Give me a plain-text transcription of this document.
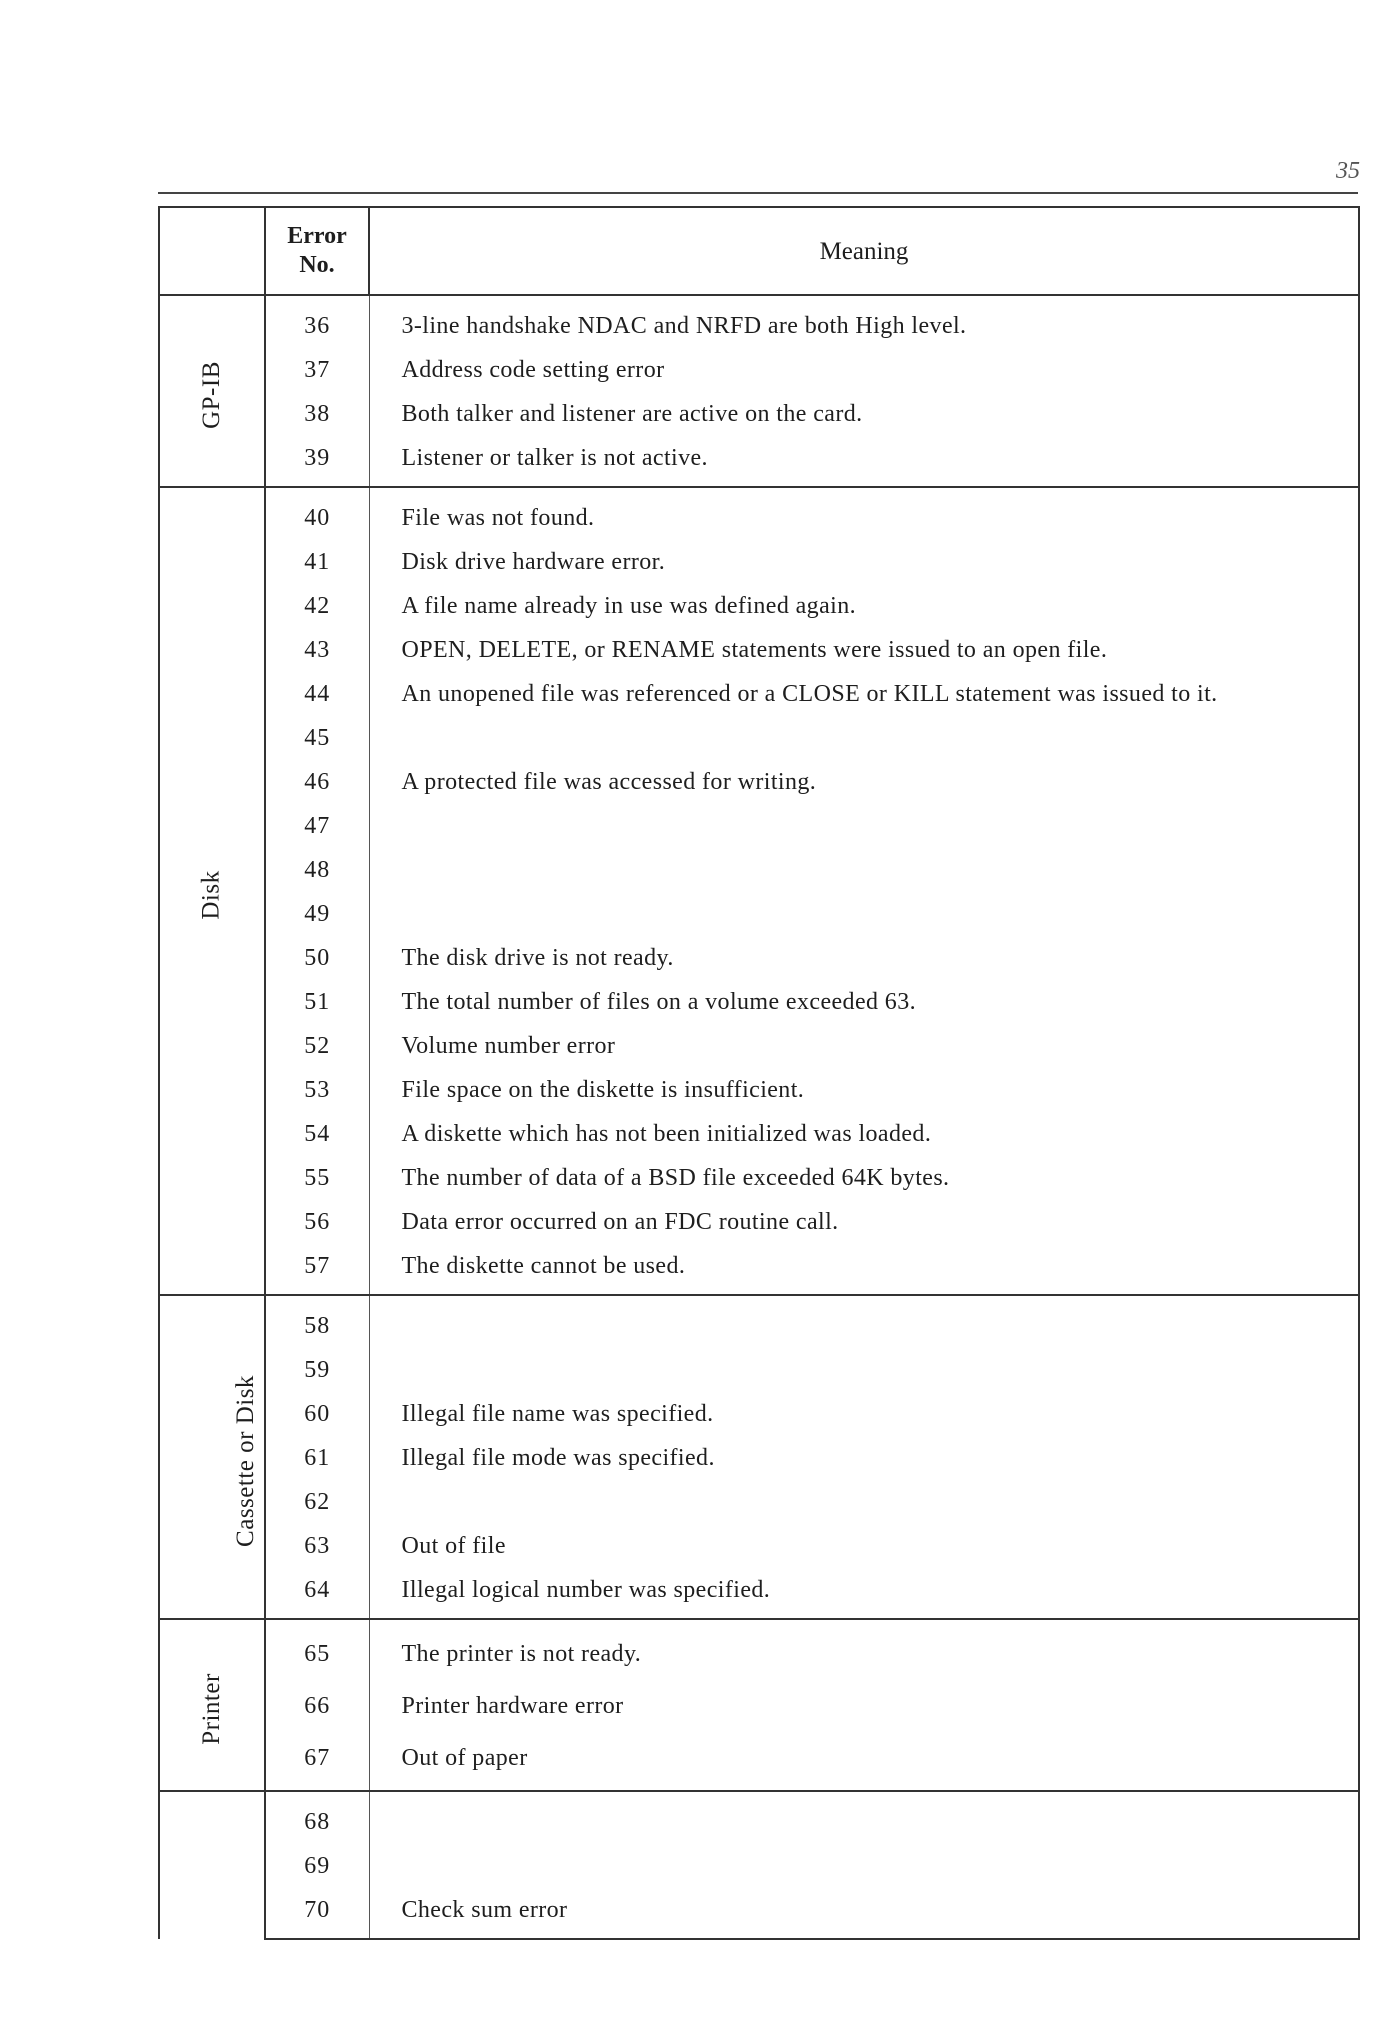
35

	Error No.	Meaning
GP-IB	36	3-line handshake NDAC and NRFD are both High level.
	37	Address code setting error
	38	Both talker and listener are active on the card.
	39	Listener or talker is not active.
Disk	40	File was not found.
	41	Disk drive hardware error.
	42	A file name already in use was defined again.
	43	OPEN, DELETE, or RENAME statements were issued to an open file.
	44	An unopened file was referenced or a CLOSE or KILL statement was issued to it.
	45	
	46	A protected file was accessed for writing.
	47	
	48	
	49	
	50	The disk drive is not ready.
	51	The total number of files on a volume exceeded 63.
	52	Volume number error
	53	File space on the diskette is insufficient.
	54	A diskette which has not been initialized was loaded.
	55	The number of data of a BSD file exceeded 64K bytes.
	56	Data error occurred on an FDC routine call.
	57	The diskette cannot be used.
Cassette or Disk	58	
	59	
	60	Illegal file name was specified.
	61	Illegal file mode was specified.
	62	
	63	Out of file
	64	Illegal logical number was specified.
Printer	65	The printer is not ready.
	66	Printer hardware error
	67	Out of paper
	68	
	69	
	70	Check sum error
